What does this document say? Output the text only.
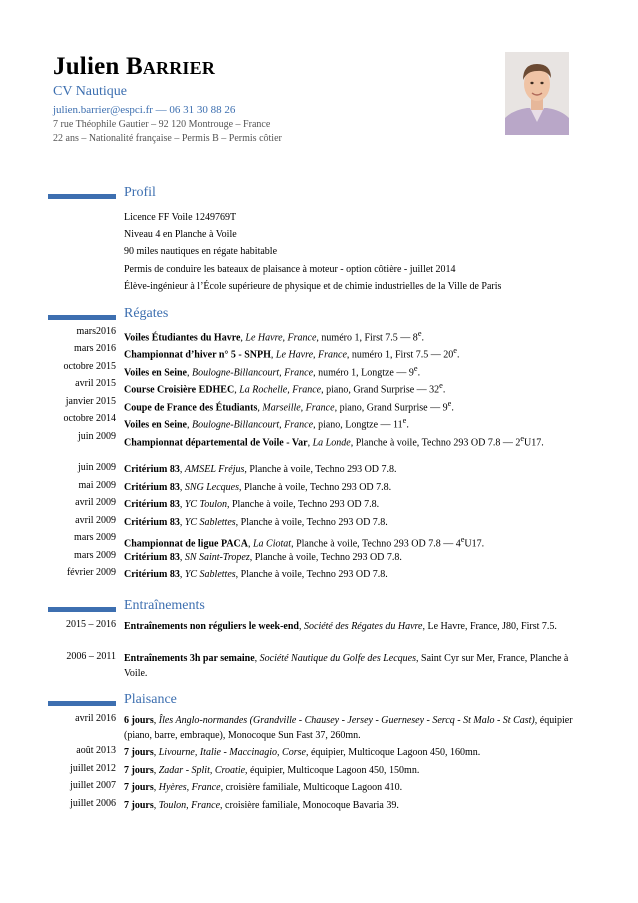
Julien Barrier
CV Nautique
julien.barrier@espci.fr — 06 31 30 88 26
7 rue Théophile Gautier – 92 120 Montrouge – France
22 ans – Nationalité française – Permis B – Permis côtier
Profil
Licence FF Voile 1249769T
Niveau 4 en Planche à Voile
90 miles nautiques en régate habitable
Permis de conduire les bateaux de plaisance à moteur - option côtière - juillet 2014
Élève-ingénieur à l’École supérieure de physique et de chimie industrielles de la Ville de Paris
Régates
mars2016
Voiles Étudiantes du Havre, Le Havre, France, numéro 1, First 7.5 — 8e.
mars 2016
Championnat d’hiver n° 5 - SNPH, Le Havre, France, numéro 1, First 7.5 — 20e.
octobre 2015
Voiles en Seine, Boulogne-Billancourt, France, numéro 1, Longtze — 9e.
avril 2015
Course Croisière EDHEC, La Rochelle, France, piano, Grand Surprise — 32e.
janvier 2015
Coupe de France des Étudiants, Marseille, France, piano, Grand Surprise — 9e.
octobre 2014
Voiles en Seine, Boulogne-Billancourt, France, piano, Longtze — 11e.
juin 2009
Championnat départemental de Voile - Var, La Londe, Planche à voile, Techno 293 OD 7.8 — 2eU17.
juin 2009 Critérium 83, AMSEL Fréjus, Planche à voile, Techno 293 OD 7.8.
mai 2009 Critérium 83, SNG Lecques, Planche à voile, Techno 293 OD 7.8.
avril 2009 Critérium 83, YC Toulon, Planche à voile, Techno 293 OD 7.8.
avril 2009 Critérium 83, YC Sablettes, Planche à voile, Techno 293 OD 7.8.
mars 2009
Championnat de ligue PACA, La Ciotat, Planche à voile, Techno 293 OD 7.8 — 4eU17.
mars 2009 Critérium 83, SN Saint-Tropez, Planche à voile, Techno 293 OD 7.8.
février 2009 Critérium 83, YC Sablettes, Planche à voile, Techno 293 OD 7.8.
Entraînements
2015 – 2016 Entraînements non réguliers le week-end, Société des Régates du Havre, Le Havre, France, J80, First 7.5.
2006 – 2011 Entraînements 3h par semaine, Société Nautique du Golfe des Lecques, Saint Cyr sur Mer, France, Planche à Voile.
Plaisance
avril 2016 6 jours, Îles Anglo-normandes (Grandville - Chausey - Jersey - Guernesey - Sercq - St Malo - St Cast), équipier (piano, barre, embraque), Monocoque Sun Fast 37, 260mn.
août 2013 7 jours, Livourne, Italie - Maccinagio, Corse, équipier, Multicoque Lagoon 450, 160mn.
juillet 2012 7 jours, Zadar - Split, Croatie, équipier, Multicoque Lagoon 450, 150mn.
juillet 2007 7 jours, Hyères, France, croisière familiale, Multicoque Lagoon 410.
juillet 2006 7 jours, Toulon, France, croisière familiale, Monocoque Bavaria 39.
